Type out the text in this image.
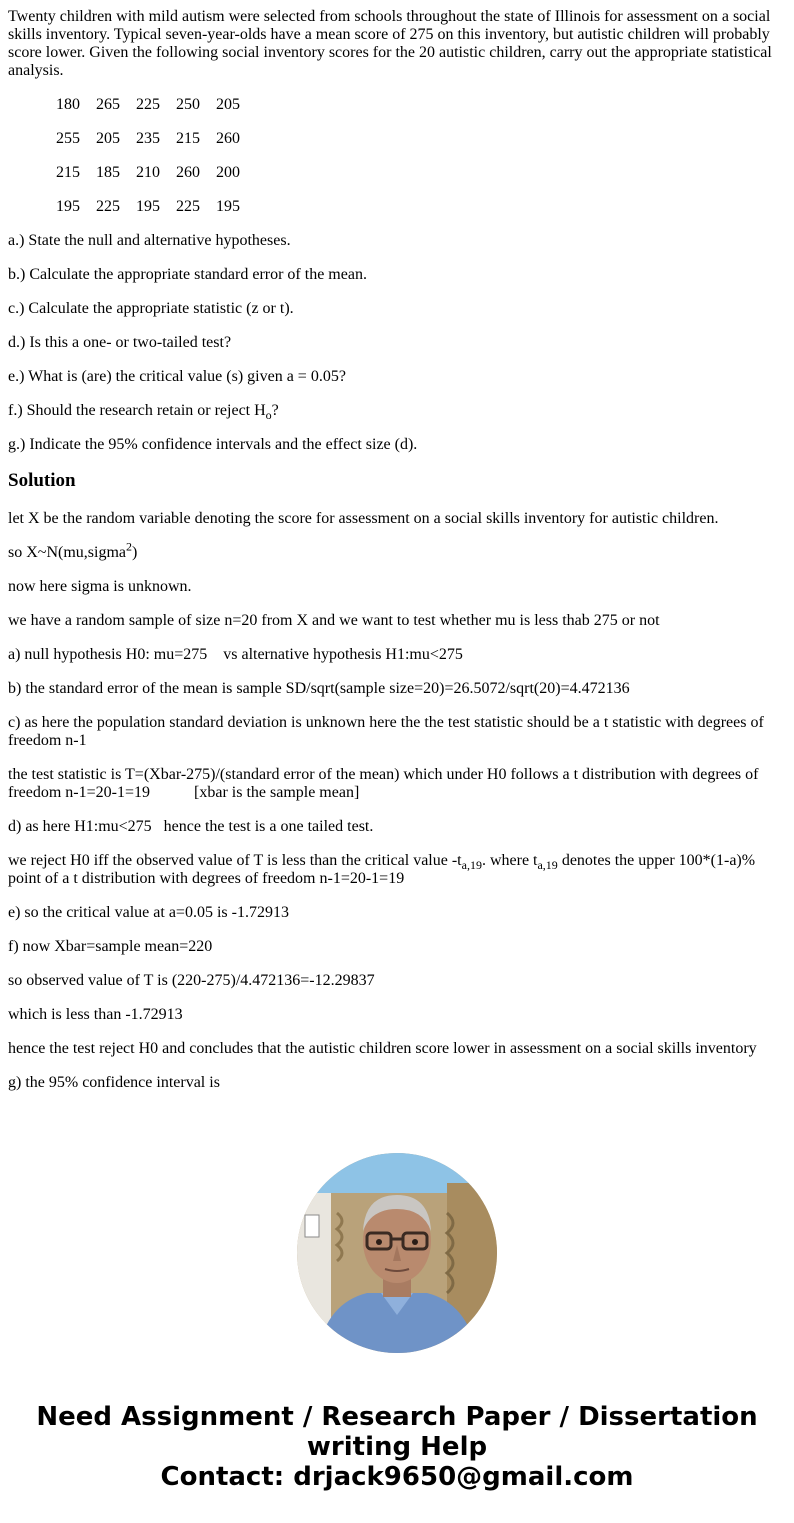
Twenty children with mild autism were selected from schools throughout the state of Illinois for assessment on a social skills inventory. Typical seven-year-olds have a mean score of 275 on this inventory, but autistic children will probably score lower. Given the following social inventory scores for the 20 autistic children, carry out the appropriate statistical analysis.

180	265	225	250	205
255	205	235	215	260
215	185	210	260	200
195	225	195	225	195

a.) State the null and alternative hypotheses.

b.) Calculate the appropriate standard error of the mean.

c.) Calculate the appropriate statistic (z or t).

d.) Is this a one- or two-tailed test?

e.) What is (are) the critical value (s) given a = 0.05?

f.) Should the research retain or reject $H_o$?

g.) Indicate the 95% confidence intervals and the effect size (d).

Solution

let X be the random variable denoting the score for assessment on a social skills inventory for autistic children.

so X~N(mu,sigma$^2$)

now here sigma is unknown.

we have a random sample of size n=20 from X and we want to test whether mu is less thab 275 or not

a) null hypothesis H0: mu=275    vs alternative hypothesis H1:mu<275

b) the standard error of the mean is sample SD/sqrt(sample size=20)=26.5072/sqrt(20)=4.472136

c) as here the population standard deviation is unknown here the the test statistic should be a t statistic with degrees of freedom n-1

the test statistic is T=(Xbar-275)/(standard error of the mean) which under H0 follows a t distribution with degrees of freedom n-1=20-1=19           [xbar is the sample mean]

d) as here H1:mu<275   hence the test is a one tailed test.

we reject H0 iff the observed value of T is less than the critical value $-t_{a,19}$. where $t_{a,19}$ denotes the upper 100*(1-a)% point of a t distribution with degrees of freedom n-1=20-1=19

e) so the critical value at a=0.05 is -1.72913

f) now Xbar=sample mean=220

so observed value of T is (220-275)/4.472136=-12.29837

which is less than -1.72913

hence the test reject H0 and concludes that the autistic children score lower in assessment on a social skills inventory

g) the 95% confidence interval is

Need Assignment / Research Paper / Dissertation
writing Help
Contact: drjack9650@gmail.com
